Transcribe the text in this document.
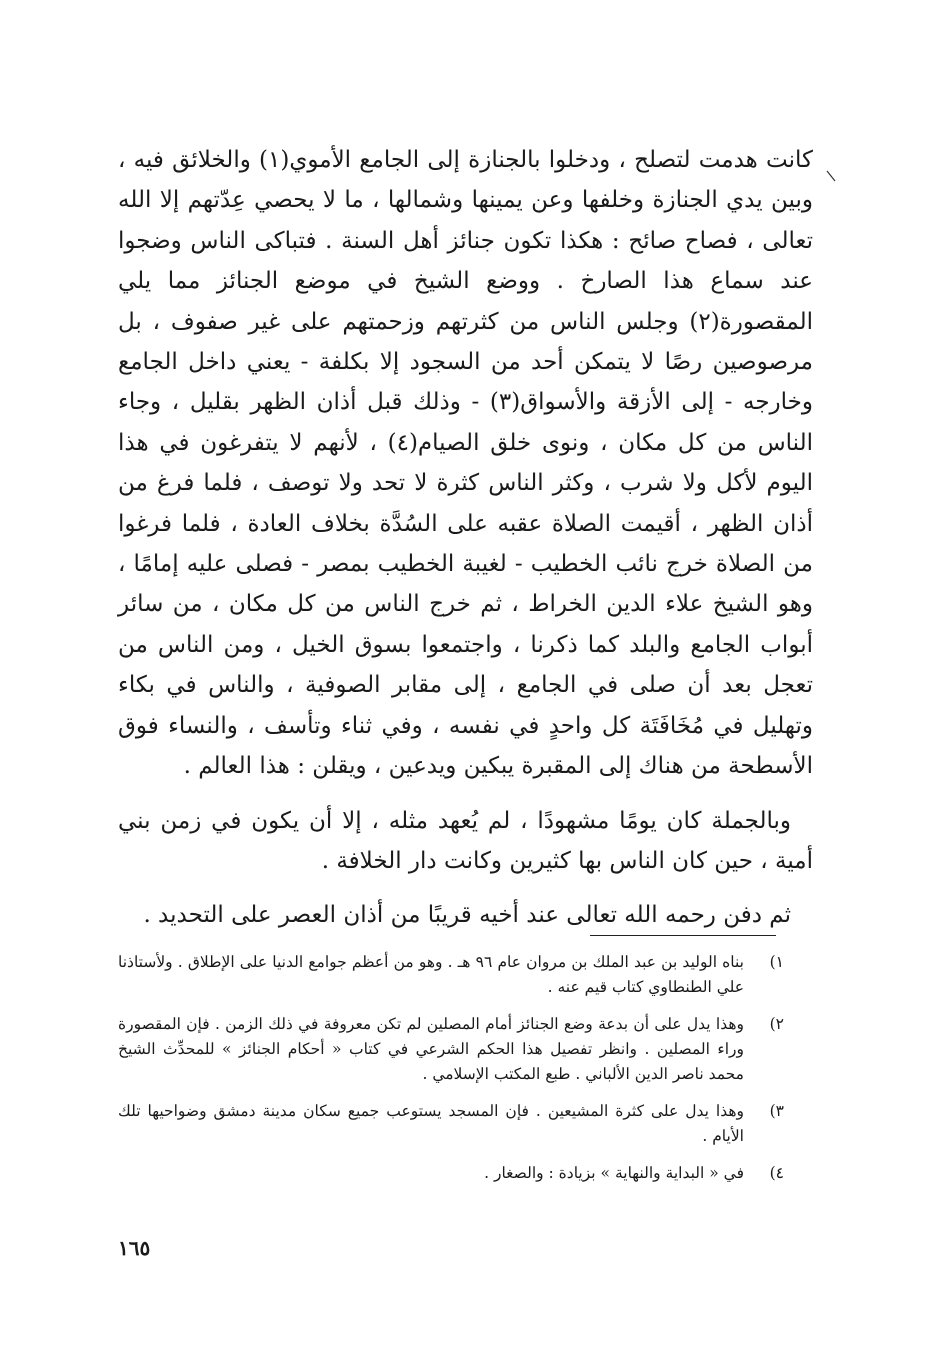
كانت هدمت لتصلح ، ودخلوا بالجنازة إلى الجامع الأموي(١) والخلائق فيه ، وبين يدي الجنازة وخلفها وعن يمينها وشمالها ، ما لا يحصي عِدّتهم إلا الله تعالى ، فصاح صائح : هكذا تكون جنائز أهل السنة . فتباكى الناس وضجوا عند سماع هذا الصارخ . ووضع الشيخ في موضع الجنائز مما يلي المقصورة(٢) وجلس الناس من كثرتهم وزحمتهم على غير صفوف ، بل مرصوصين رصًا لا يتمكن أحد من السجود إلا بكلفة - يعني داخل الجامع وخارجه - إلى الأزقة والأسواق(٣) - وذلك قبل أذان الظهر بقليل ، وجاء الناس من كل مكان ، ونوى خلق الصيام(٤) ، لأنهم لا يتفرغون في هذا اليوم لأكل ولا شرب ، وكثر الناس كثرة لا تحد ولا توصف ، فلما فرغ من أذان الظهر ، أقيمت الصلاة عقبه على السُدَّة بخلاف العادة ، فلما فرغوا من الصلاة خرج نائب الخطيب - لغيبة الخطيب بمصر - فصلى عليه إمامًا ، وهو الشيخ علاء الدين الخراط ، ثم خرج الناس من كل مكان ، من سائر أبواب الجامع والبلد كما ذكرنا ، واجتمعوا بسوق الخيل ، ومن الناس من تعجل بعد أن صلى في الجامع ، إلى مقابر الصوفية ، والناس في بكاء وتهليل في مُخَافَتَة كل واحدٍ في نفسه ، وفي ثناء وتأسف ، والنساء فوق الأسطحة من هناك إلى المقبرة يبكين ويدعين ، ويقلن : هذا العالم .

وبالجملة كان يومًا مشهودًا ، لم يُعهد مثله ، إلا أن يكون في زمن بني أمية ، حين كان الناس بها كثيرين وكانت دار الخلافة .

ثم دفن رحمه الله تعالى عند أخيه قريبًا من أذان العصر على التحديد .

١)
بناه الوليد بن عبد الملك بن مروان عام ٩٦ هـ . وهو من أعظم جوامع الدنيا على الإطلاق . ولأستاذنا علي الطنطاوي كتاب قيم عنه .
٢)
وهذا يدل على أن بدعة وضع الجنائز أمام المصلين لم تكن معروفة في ذلك الزمن . فإن المقصورة وراء المصلين . وانظر تفصيل هذا الحكم الشرعي في كتاب « أحكام الجنائز » للمحدِّث الشيخ محمد ناصر الدين الألباني . طبع المكتب الإسلامي .
٣)
وهذا يدل على كثرة المشيعين . فإن المسجد يستوعب جميع سكان مدينة دمشق وضواحيها تلك الأيام .
٤)
في « البداية والنهاية » بزيادة : والصغار .
١٦٥
